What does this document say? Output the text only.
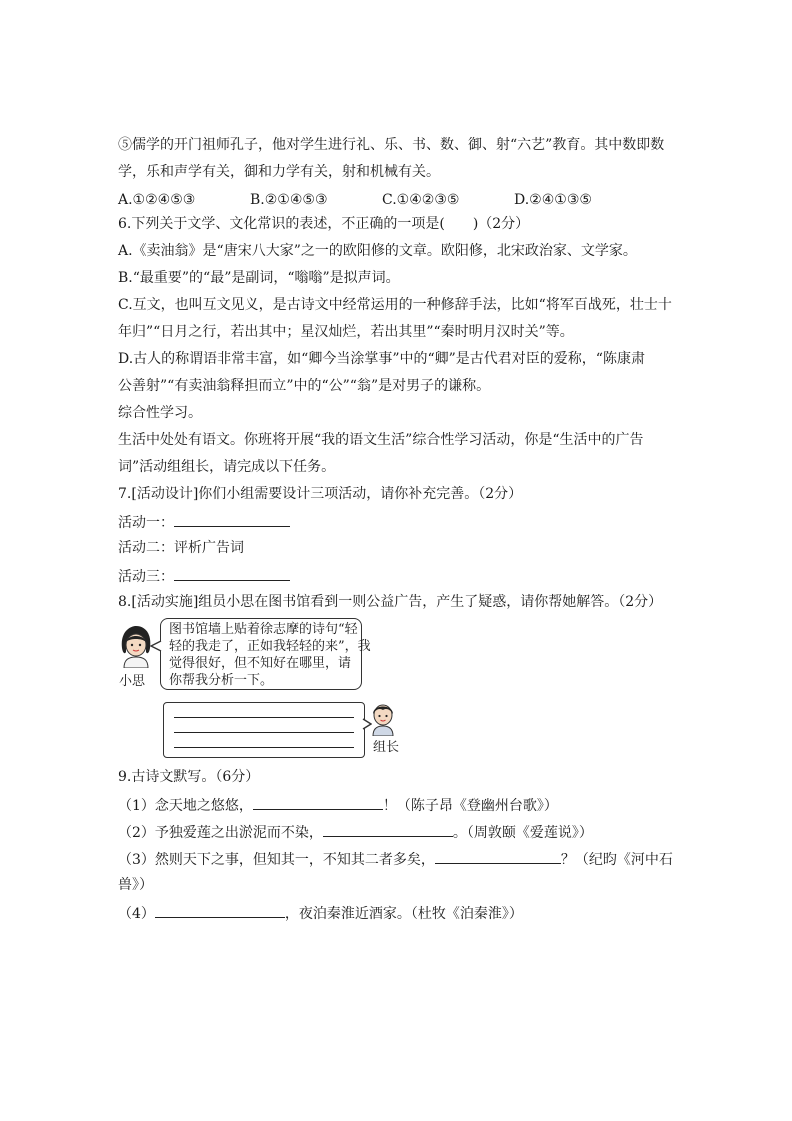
⑤儒学的开门祖师孔子，他对学生进行礼、乐、书、数、御、射“六艺”教育。其中数即数
学，乐和声学有关，御和力学有关，射和机械有关。
A.①②④⑤③	B.②①④⑤③	C.①④②③⑤	D.②④①③⑤
6.下列关于文学、文化常识的表述，不正确的一项是(　　)（2分）
A.《卖油翁》是“唐宋八大家”之一的欧阳修的文章。欧阳修，北宋政治家、文学家。
B.“最重要”的“最”是副词，“嗡嗡”是拟声词。
C.互文，也叫互文见义，是古诗文中经常运用的一种修辞手法，比如“将军百战死，壮士十
年归”“日月之行，若出其中；星汉灿烂，若出其里”“秦时明月汉时关”等。
D.古人的称谓语非常丰富，如“卿今当涂掌事”中的“卿”是古代君对臣的爱称，“陈康肃
公善射”“有卖油翁释担而立”中的“公”“翁”是对男子的谦称。
综合性学习。
生活中处处有语文。你班将开展“我的语文生活”综合性学习活动，你是“生活中的广告
词”活动组组长，请完成以下任务。
7.[活动设计]你们小组需要设计三项活动，请你补充完善。（2分）
活动一：
活动二：评析广告词
活动三：
8.[活动实施]组员小思在图书馆看到一则公益广告，产生了疑惑，请你帮她解答。（2分）
小思
图书馆墙上贴着徐志摩的诗句“轻
轻的我走了，正如我轻轻的来”，我
觉得很好，但不知好在哪里，请
你帮我分析一下。
组长
9.古诗文默写。（6分）
（1）念天地之悠悠，	！（陈子昂《登幽州台歌》）
（2）予独爱莲之出淤泥而不染，	。（周敦颐《爱莲说》）
（3）然则天下之事，但知其一，不知其二者多矣，	？（纪昀《河中石
兽》）
（4）	，夜泊秦淮近酒家。（杜牧《泊秦淮》）
